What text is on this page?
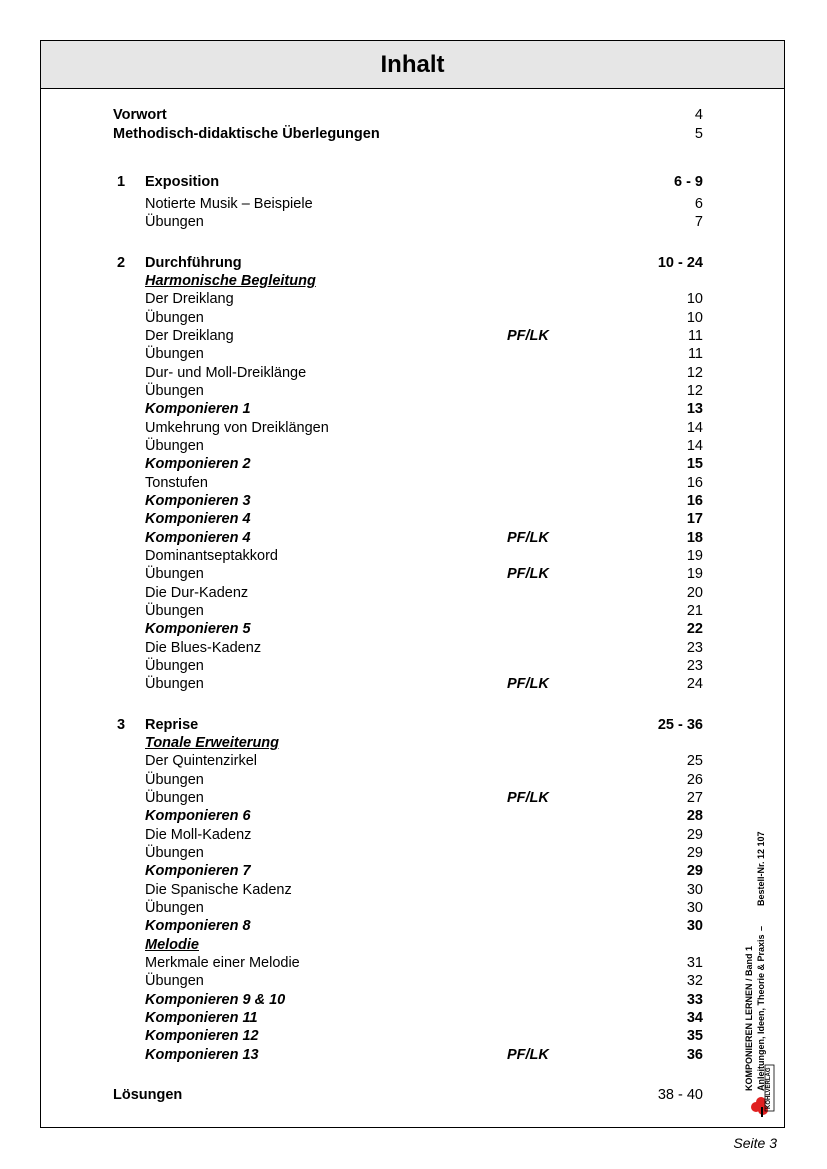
Inhalt
Vorwort	4
Methodisch-didaktische Überlegungen	5
1 Exposition	6 - 9
Notierte Musik – Beispiele	6
Übungen	7
2 Durchführung	10 - 24
Harmonische Begleitung
Der Dreiklang	10
Übungen	10
Der Dreiklang	PF/LK	11
Übungen	11
Dur- und Moll-Dreiklänge	12
Übungen	12
Komponieren 1	13
Umkehrung von Dreiklängen	14
Übungen	14
Komponieren 2	15
Tonstufen	16
Komponieren 3	16
Komponieren 4	17
Komponieren 4	PF/LK	18
Dominantseptakkord	19
Übungen	PF/LK	19
Die Dur-Kadenz	20
Übungen	21
Komponieren 5	22
Die Blues-Kadenz	23
Übungen	23
Übungen	PF/LK	24
3 Reprise	25 - 36
Tonale Erweiterung
Der Quintenzirkel	25
Übungen	26
Übungen	PF/LK	27
Komponieren 6	28
Die Moll-Kadenz	29
Übungen	29
Komponieren 7	29
Die Spanische Kadenz	30
Übungen	30
Komponieren 8	30
Melodie
Merkmale einer Melodie	31
Übungen	32
Komponieren 9 & 10	33
Komponieren 11	34
Komponieren 12	35
Komponieren 13	PF/LK	36
Lösungen	38 - 40
KOMPONIEREN LERNEN / Band 1 Anleitungen, Ideen, Theorie & Praxis
–
Bestell-Nr. 12 107
KOHLVERLAG
Seite 3
